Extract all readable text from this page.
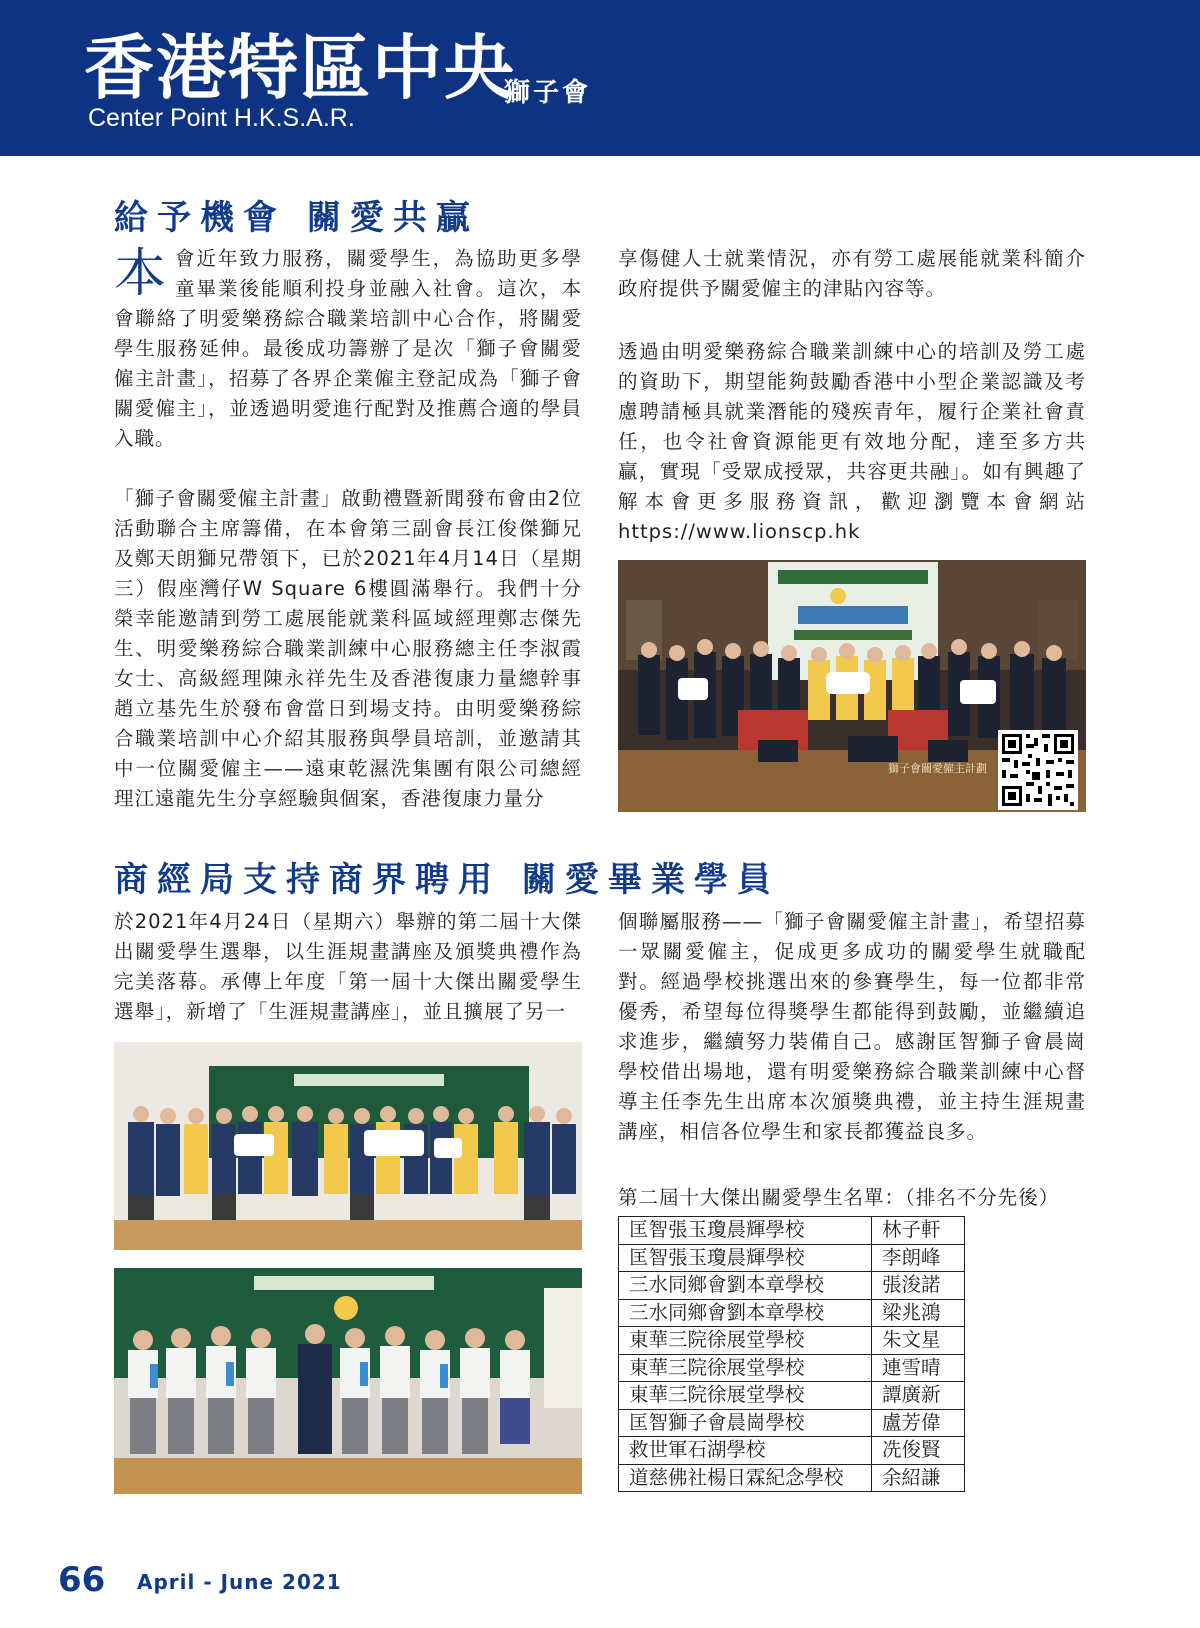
香港特區中央
獅子會
Center Point H.K.S.A.R.
給予機會 關愛共贏

本會近年致力服務，關愛學生，為協助更多學童畢業後能順利投身並融入社會。這次，本會聯絡了明愛樂務綜合職業培訓中心合作，將關愛學生服務延伸。最後成功籌辦了是次「獅子會關愛僱主計畫」，招募了各界企業僱主登記成為「獅子會關愛僱主」，並透過明愛進行配對及推薦合適的學員入職。

「獅子會關愛僱主計畫」啟動禮暨新聞發布會由2位活動聯合主席籌備，在本會第三副會長江俊傑獅兄及鄭天朗獅兄帶領下，已於2021年4月14日（星期三）假座灣仔W Square 6樓圓滿舉行。我們十分榮幸能邀請到勞工處展能就業科區域經理鄭志傑先生、明愛樂務綜合職業訓練中心服務總主任李淑霞女士、高級經理陳永祥先生及香港復康力量總幹事趙立基先生於發布會當日到場支持。由明愛樂務綜合職業培訓中心介紹其服務與學員培訓，並邀請其中一位關愛僱主——遠東乾濕洗集團有限公司總經理江遠龍先生分享經驗與個案，香港復康力量分

享傷健人士就業情況，亦有勞工處展能就業科簡介政府提供予關愛僱主的津貼內容等。

透過由明愛樂務綜合職業訓練中心的培訓及勞工處的資助下，期望能夠鼓勵香港中小型企業認識及考慮聘請極具就業潛能的殘疾青年，履行企業社會責任，也令社會資源能更有效地分配，達至多方共贏，實現「受眾成授眾，共容更共融」。如有興趣了解本會更多服務資訊，歡迎瀏覽本會網站 https://www.lionscp.hk

獅子會關愛僱主計劃
商經局支持商界聘用 關愛畢業學員

於2021年4月24日（星期六）舉辦的第二屆十大傑出關愛學生選舉，以生涯規畫講座及頒獎典禮作為完美落幕。承傳上年度「第一屆十大傑出關愛學生選舉」，新增了「生涯規畫講座」，並且擴展了另一

個聯屬服務——「獅子會關愛僱主計畫」，希望招募一眾關愛僱主，促成更多成功的關愛學生就職配對。經過學校挑選出來的參賽學生，每一位都非常優秀，希望每位得獎學生都能得到鼓勵，並繼續追求進步，繼續努力裝備自己。感謝匡智獅子會晨崗學校借出場地，還有明愛樂務綜合職業訓練中心督導主任李先生出席本次頒獎典禮，並主持生涯規畫講座，相信各位學生和家長都獲益良多。

第二屆十大傑出關愛學生名單：（排名不分先後）
匡智張玉瓊晨輝學校	林子軒
匡智張玉瓊晨輝學校	李朗峰
三水同鄉會劉本章學校	張浚諾
三水同鄉會劉本章學校	梁兆鴻
東華三院徐展堂學校	朱文星
東華三院徐展堂學校	連雪晴
東華三院徐展堂學校	譚廣新
匡智獅子會晨崗學校	盧芳偉
救世軍石湖學校	冼俊賢
道慈佛社楊日霖紀念學校	余紹謙
66 April - June 2021
